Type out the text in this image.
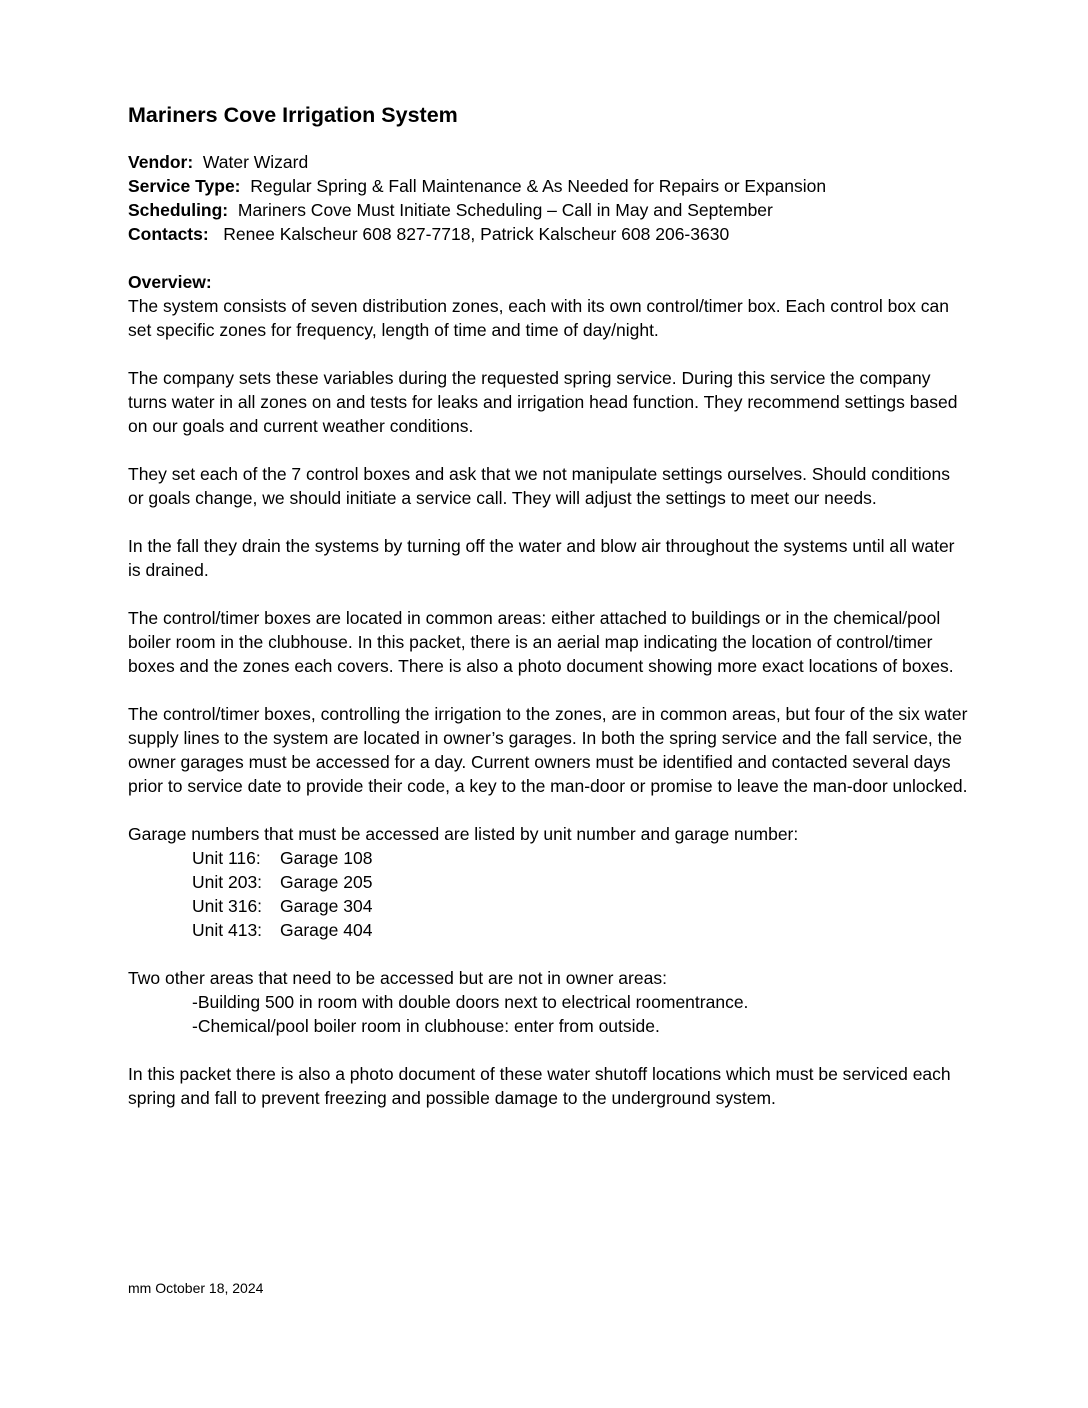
Mariners Cove Irrigation System

Vendor: Water Wizard

Service Type: Regular Spring & Fall Maintenance & As Needed for Repairs or Expansion

Scheduling: Mariners Cove Must Initiate Scheduling – Call in May and September

Contacts: Renee Kalscheur 608 827-7718, Patrick Kalscheur 608 206-3630

Overview:

The system consists of seven distribution zones, each with its own control/timer box. Each control box can set specific zones for frequency, length of time and time of day/night.

The company sets these variables during the requested spring service. During this service the company turns water in all zones on and tests for leaks and irrigation head function. They recommend settings based on our goals and current weather conditions.

They set each of the 7 control boxes and ask that we not manipulate settings ourselves. Should conditions or goals change, we should initiate a service call. They will adjust the settings to meet our needs.

In the fall they drain the systems by turning off the water and blow air throughout the systems until all water is drained.

The control/timer boxes are located in common areas: either attached to buildings or in the chemical/pool boiler room in the clubhouse. In this packet, there is an aerial map indicating the location of control/timer boxes and the zones each covers. There is also a photo document showing more exact locations of boxes.

The control/timer boxes, controlling the irrigation to the zones, are in common areas, but four of the six water supply lines to the system are located in owner’s garages. In both the spring service and the fall service, the owner garages must be accessed for a day. Current owners must be identified and contacted several days prior to service date to provide their code, a key to the man-door or promise to leave the man-door unlocked.

Garage numbers that must be accessed are listed by unit number and garage number:

Unit 116: Garage 108
Unit 203: Garage 205
Unit 316: Garage 304
Unit 413: Garage 404

Two other areas that need to be accessed but are not in owner areas:

-Building 500 in room with double doors next to electrical roomentrance.
-Chemical/pool boiler room in clubhouse: enter from outside.

In this packet there is also a photo document of these water shutoff locations which must be serviced each spring and fall to prevent freezing and possible damage to the underground system.

mm October 18, 2024
